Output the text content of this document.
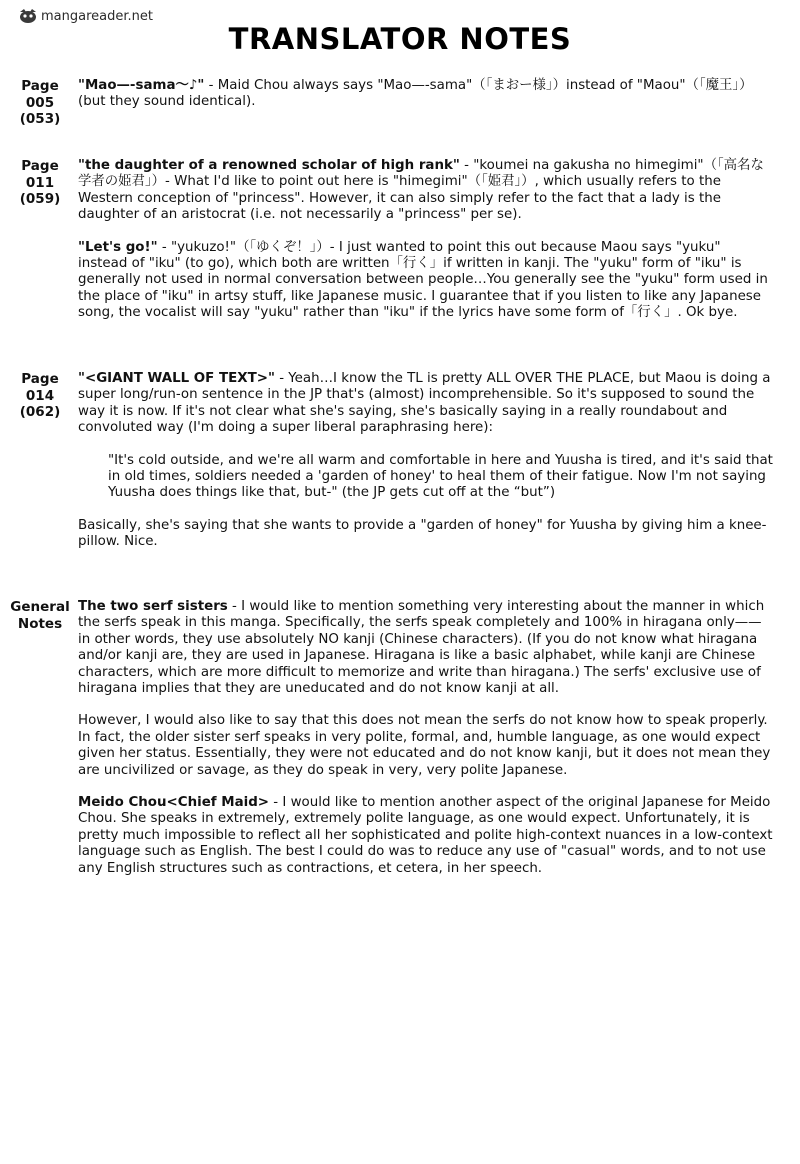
mangareader.net
TRANSLATOR NOTES
Page
005
(053)

"Mao—-sama～♪" - Maid Chou always says "Mao—-sama"（「まおー様」）instead of "Maou"（「魔王」）(but they sound identical).

Page
011
(059)

"the daughter of a renowned scholar of high rank" - "koumei na gakusha no himegimi"（「高名な学者の姫君」）- What I'd like to point out here is "himegimi"（「姫君」）, which usually refers to the Western conception of "princess". However, it can also simply refer to the fact that a lady is the daughter of an aristocrat (i.e. not necessarily a "princess" per se).

"Let's go!" - "yukuzo!"（「ゆくぞ！」）- I just wanted to point this out because Maou says "yuku" instead of "iku" (to go), which both are written「行く」if written in kanji. The "yuku" form of "iku" is generally not used in normal conversation between people…You generally see the "yuku" form used in the place of "iku" in artsy stuff, like Japanese music. I guarantee that if you listen to like any Japanese song, the vocalist will say "yuku" rather than "iku" if the lyrics have some form of「行く」. Ok bye.

Page
014
(062)

"<GIANT WALL OF TEXT>" - Yeah…I know the TL is pretty ALL OVER THE PLACE, but Maou is doing a super long/run-on sentence in the JP that's (almost) incomprehensible. So it's supposed to sound the way it is now. If it's not clear what she's saying, she's basically saying in a really roundabout and convoluted way (I'm doing a super liberal paraphrasing here):

"It's cold outside, and we're all warm and comfortable in here and Yuusha is tired, and it's said that in old times, soldiers needed a 'garden of honey' to heal them of their fatigue. Now I'm not saying Yuusha does things like that, but-" (the JP gets cut off at the “but”)

Basically, she's saying that she wants to provide a "garden of honey" for Yuusha by giving him a knee-pillow. Nice.

General
Notes

The two serf sisters - I would like to mention something very interesting about the manner in which the serfs speak in this manga. Specifically, the serfs speak completely and 100% in hiragana only——in other words, they use absolutely NO kanji (Chinese characters). (If you do not know what hiragana and/or kanji are, they are used in Japanese. Hiragana is like a basic alphabet, while kanji are Chinese characters, which are more difficult to memorize and write than hiragana.) The serfs' exclusive use of hiragana implies that they are uneducated and do not know kanji at all.

However, I would also like to say that this does not mean the serfs do not know how to speak properly. In fact, the older sister serf speaks in very polite, formal, and, humble language, as one would expect given her status. Essentially, they were not educated and do not know kanji, but it does not mean they are uncivilized or savage, as they do speak in very, very polite Japanese.

Meido Chou<Chief Maid> - I would like to mention another aspect of the original Japanese for Meido Chou. She speaks in extremely, extremely polite language, as one would expect. Unfortunately, it is pretty much impossible to reflect all her sophisticated and polite high-context nuances in a low-context language such as English. The best I could do was to reduce any use of "casual" words, and to not use any English structures such as contractions, et cetera, in her speech.
